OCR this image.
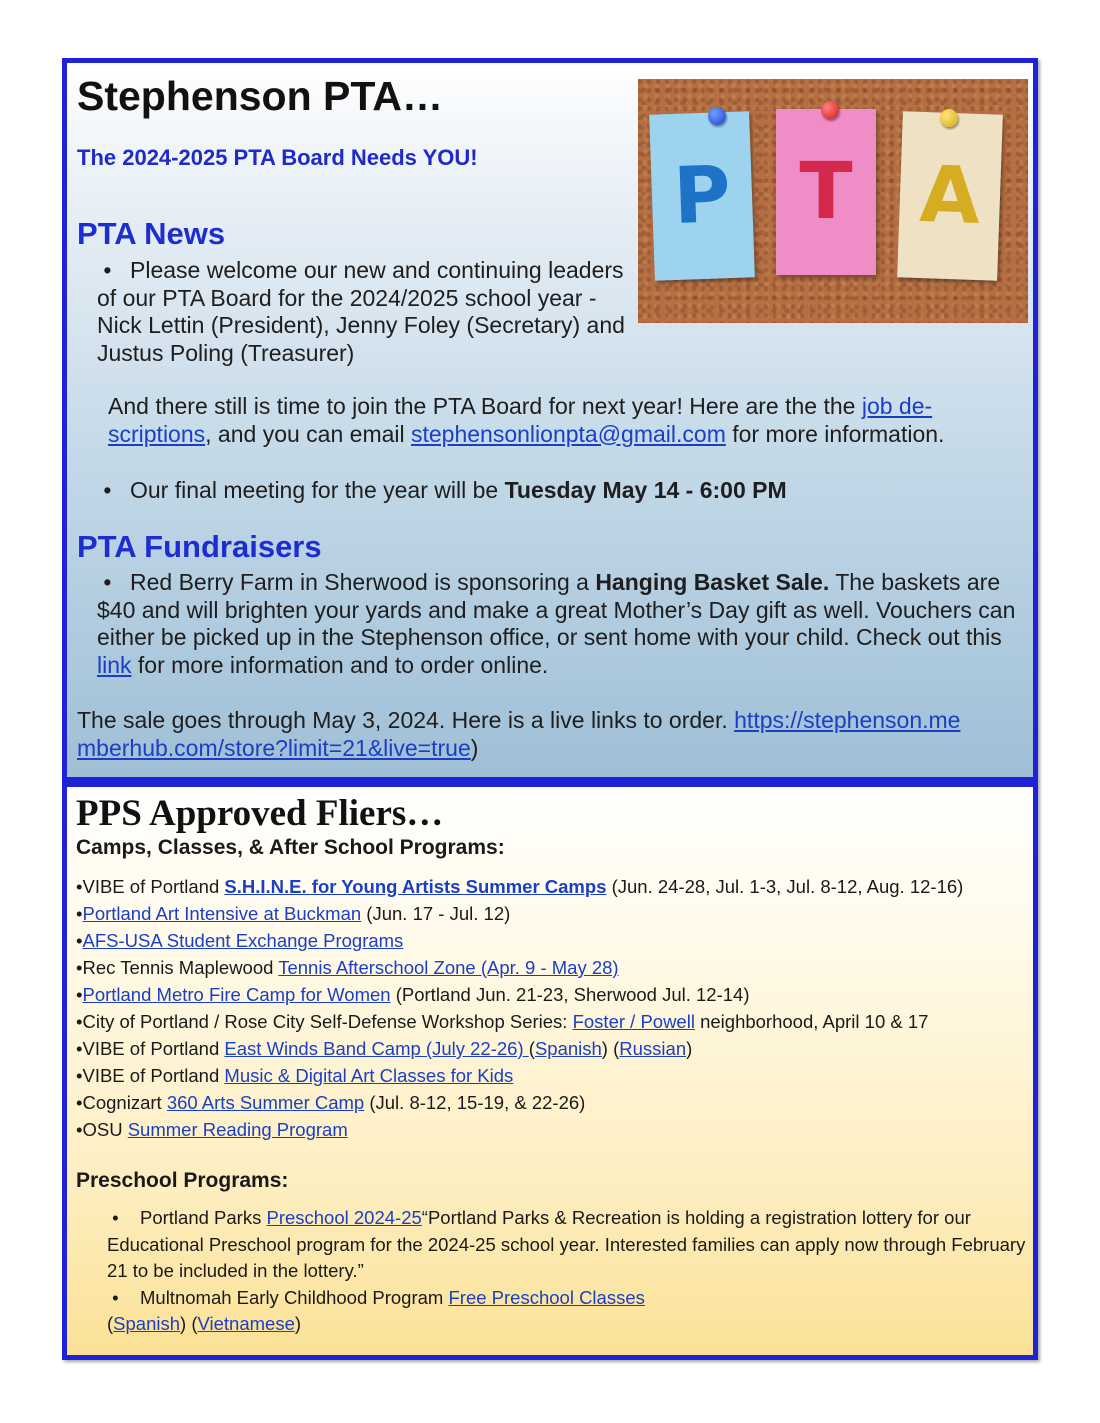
Stephenson PTA…
The 2024-2025 PTA Board Needs YOU! P T A
PTA News
• Please welcome our new and continuing leaders of our PTA Board for the 2024/2025 school year - Nick Lettin (President), Jenny Foley (Secretary) and Justus Poling (Treasurer)
And there still is time to join the PTA Board for next year! Here are the the job de-scriptions, and you can email stephensonlionpta@gmail.com for more information.
• Our final meeting for the year will be Tuesday May 14 - 6:00 PM
PTA Fundraisers
• Red Berry Farm in Sherwood is sponsoring a Hanging Basket Sale. The baskets are $40 and will brighten your yards and make a great Mother’s Day gift as well. Vouchers can either be picked up in the Stephenson office, or sent home with your child. Check out this link for more information and to order online.
The sale goes through May 3, 2024. Here is a live links to order. https://stephenson.memberhub.com/store?limit=21&live=true)
PPS Approved Fliers…
Camps, Classes, & After School Programs:
•VIBE of Portland S.H.I.N.E. for Young Artists Summer Camps (Jun. 24-28, Jul. 1-3, Jul. 8-12, Aug. 12-16)
•Portland Art Intensive at Buckman (Jun. 17 - Jul. 12)
•AFS-USA Student Exchange Programs
•Rec Tennis Maplewood Tennis Afterschool Zone (Apr. 9 - May 28)
•Portland Metro Fire Camp for Women (Portland Jun. 21-23, Sherwood Jul. 12-14)
•City of Portland / Rose City Self-Defense Workshop Series: Foster / Powell neighborhood, April 10 & 17
•VIBE of Portland East Winds Band Camp (July 22-26) (Spanish) (Russian)
•VIBE of Portland Music & Digital Art Classes for Kids
•Cognizart 360 Arts Summer Camp (Jul. 8-12, 15-19, & 22-26)
•OSU Summer Reading Program
Preschool Programs:
• Portland Parks Preschool 2024-25“Portland Parks & Recreation is holding a registration lottery for our Educational Preschool program for the 2024-25 school year. Interested families can apply now through February 21 to be included in the lottery.”
• Multnomah Early Childhood Program Free Preschool Classes
(Spanish) (Vietnamese)
